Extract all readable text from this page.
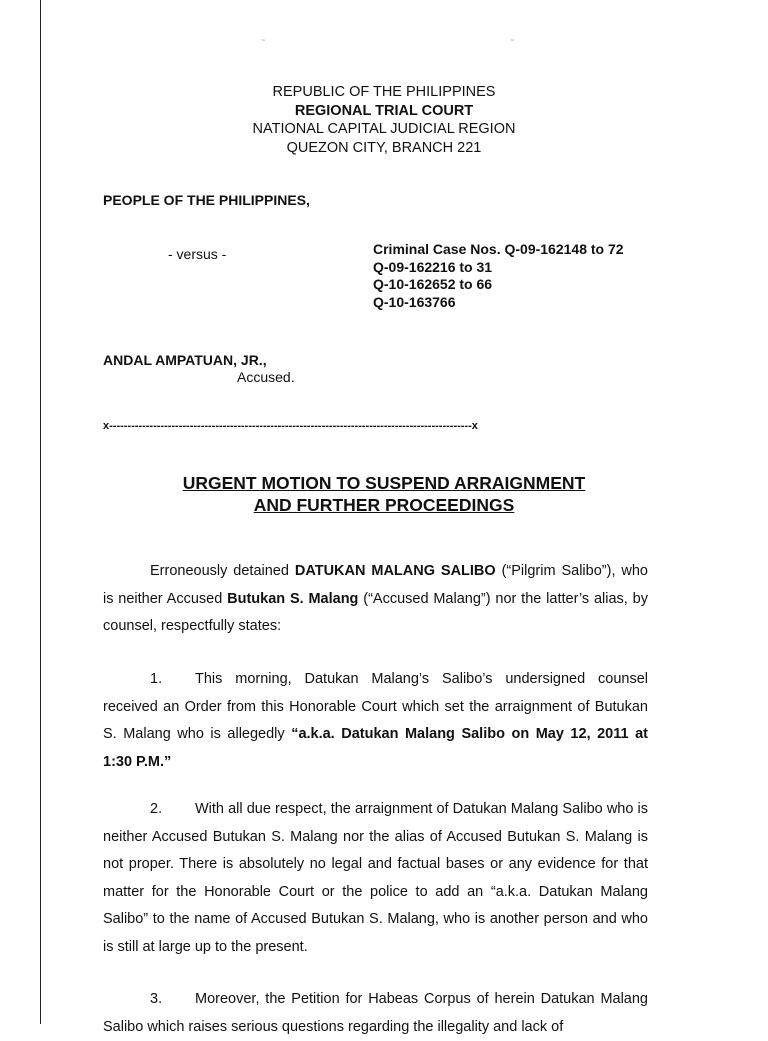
˜	˜
REPUBLIC OF THE PHILIPPINES
REGIONAL TRIAL COURT
NATIONAL CAPITAL JUDICIAL REGION
QUEZON CITY, BRANCH 221
PEOPLE OF THE PHILIPPINES,
- versus -	Criminal Case Nos. Q-09-162148 to 72
Q-09-162216 to 31
Q-10-162652 to 66
Q-10-163766
ANDAL AMPATUAN, JR.,
Accused.
x---------------------------------------------------------------------------------------------------x
URGENT MOTION TO SUSPEND ARRAIGNMENT
AND FURTHER PROCEEDINGS
Erroneously detained DATUKAN MALANG SALIBO (“Pilgrim Salibo”), who is neither Accused Butukan S. Malang (“Accused Malang”) nor the latter’s alias, by counsel, respectfully states:
1. This morning, Datukan Malang’s Salibo’s undersigned counsel received an Order from this Honorable Court which set the arraignment of Butukan S. Malang who is allegedly “a.k.a. Datukan Malang Salibo on May 12, 2011 at 1:30 P.M.”
2. With all due respect, the arraignment of Datukan Malang Salibo who is neither Accused Butukan S. Malang nor the alias of Accused Butukan S. Malang is not proper. There is absolutely no legal and factual bases or any evidence for that matter for the Honorable Court or the police to add an “a.k.a. Datukan Malang Salibo” to the name of Accused Butukan S. Malang, who is another person and who is still at large up to the present.
3. Moreover, the Petition for Habeas Corpus of herein Datukan Malang Salibo which raises serious questions regarding the illegality and lack of
